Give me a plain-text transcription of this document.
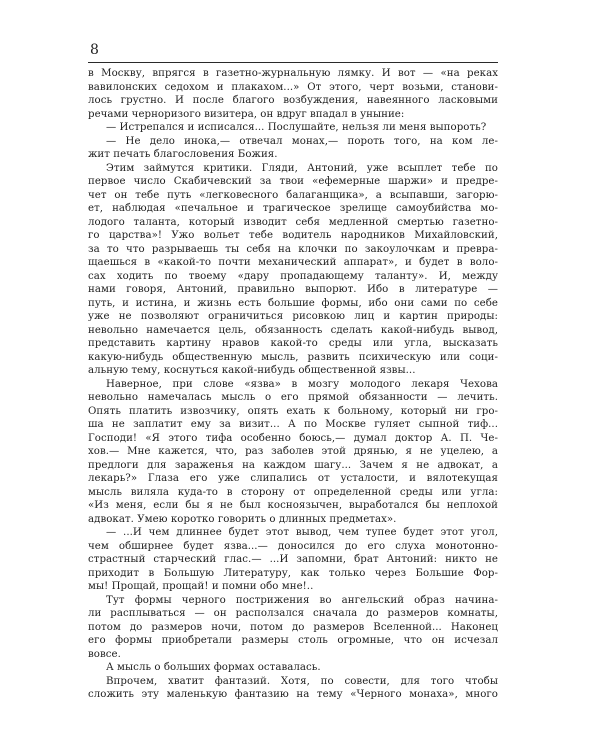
8
в Москву, впрягся в газетно-журнальную лямку. И вот — «на реках
вавилонских седохом и плакахом...» От этого, черт возьми, станови-
лось грустно. И после благого возбуждения, навеянного ласковыми
речами черноризого визитера, он вдруг впадал в уныние:
— Истрепался и исписался... Послушайте, нельзя ли меня выпороть?
— Не дело инока,— отвечал монах,— пороть того, на ком ле-
жит печать благословения Божия.
Этим займутся критики. Гляди, Антоний, уже всыплет тебе по
первое число Скабичевский за твои «ефемерные шаржи» и предре-
чет он тебе путь «легковесного балаганщика», а всыпавши, загорю-
ет, наблюдая «печальное и трагическое зрелище самоубийства мо-
лодого таланта, который изводит себя медленной смертью газетно-
го царства»! Ужо вольет тебе водитель народников Михайловский,
за то что разрываешь ты себя на клочки по закоулочкам и превра-
щаешься в «какой-то почти механический аппарат», и будет в воло-
сах ходить по твоему «дару пропадающему таланту». И, между
нами говоря, Антоний, правильно выпорют. Ибо в литературе —
путь, и истина, и жизнь есть большие формы, ибо они сами по себе
уже не позволяют ограничиться рисовкою лиц и картин природы:
невольно намечается цель, обязанность сделать какой-нибудь вывод,
представить картину нравов какой-то среды или угла, высказать
какую-нибудь общественную мысль, развить психическую или соци-
альную тему, коснуться какой-нибудь общественной язвы...
Наверное, при слове «язва» в мозгу молодого лекаря Чехова
невольно намечалась мысль о его прямой обязанности — лечить.
Опять платить извозчику, опять ехать к больному, который ни гро-
ша не заплатит ему за визит... А по Москве гуляет сыпной тиф...
Господи! «Я этого тифа особенно боюсь,— думал доктор А. П. Че-
хов.— Мне кажется, что, раз заболев этой дрянью, я не уцелею, а
предлоги для зараженья на каждом шагу... Зачем я не адвокат, а
лекарь?» Глаза его уже слипались от усталости, и вялотекущая
мысль виляла куда-то в сторону от определенной среды или угла:
«Из меня, если бы я не был косноязычен, выработался бы неплохой
адвокат. Умею коротко говорить о длинных предметах».
— ...И чем длиннее будет этот вывод, чем тупее будет этот угол,
чем обширнее будет язва...— доносился до его слуха монотонно-
страстный старческий глас.— ...И запомни, брат Антоний: никто не
приходит в Большую Литературу, как только через Большие Фор-
мы! Прощай, прощай! и помни обо мне!..
Тут формы черного пострижения во ангельский образ начина-
ли расплываться — он расползался сначала до размеров комнаты,
потом до размеров ночи, потом до размеров Вселенной... Наконец
его формы приобретали размеры столь огромные, что он исчезал
вовсе.
А мысль о больших формах оставалась.
Впрочем, хватит фантазий. Хотя, по совести, для того чтобы
сложить эту маленькую фантазию на тему «Черного монаха», много
